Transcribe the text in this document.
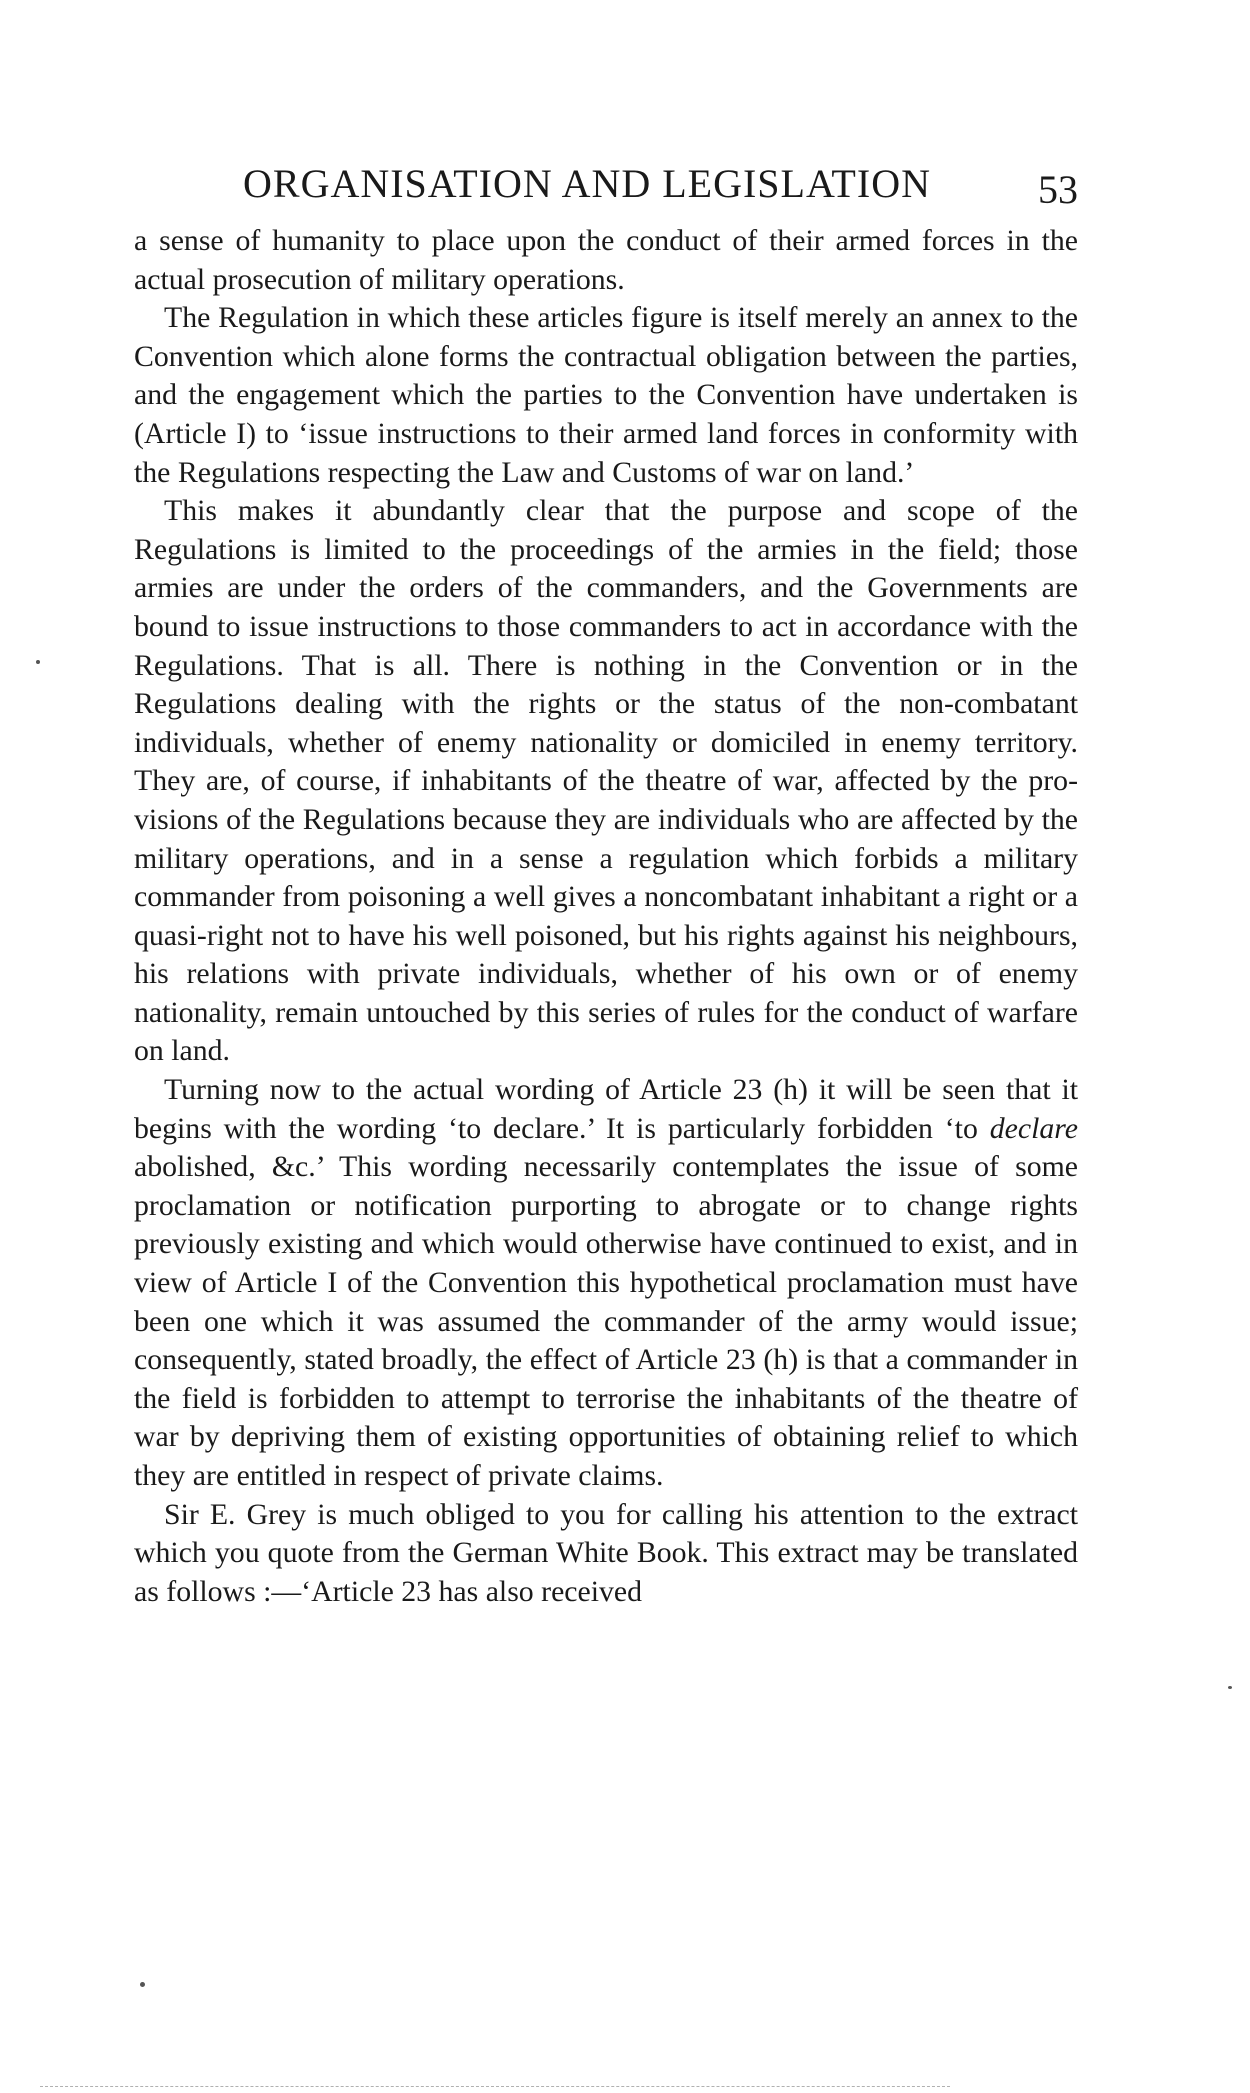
ORGANISATION AND LEGISLATION	53

a sense of humanity to place upon the conduct of their armed forces in the actual prosecution of military operations.

The Regulation in which these articles figure is itself merely an annex to the Convention which alone forms the contractual obligation between the parties, and the engagement which the parties to the Convention have undertaken is (Article I) to ‘issue instructions to their armed land forces in conformity with the Regulations respecting the Law and Customs of war on land.’

This makes it abundantly clear that the purpose and scope of the Regulations is limited to the proceedings of the armies in the field; those armies are under the orders of the commanders, and the Governments are bound to issue instructions to those commanders to act in accordance with the Regulations. That is all. There is nothing in the Convention or in the Regulations dealing with the rights or the status of the non-combatant individuals, whether of enemy nationality or domiciled in enemy territory. They are, of course, if inhabitants of the theatre of war, affected by the provisions of the Regulations because they are individuals who are affected by the military operations, and in a sense a regulation which forbids a military commander from poisoning a well gives a noncombatant inhabitant a right or a quasi-right not to have his well poisoned, but his rights against his neighbours, his relations with private individuals, whether of his own or of enemy nationality, remain untouched by this series of rules for the conduct of warfare on land.

Turning now to the actual wording of Article 23 (h) it will be seen that it begins with the wording ‘to declare.’ It is particularly forbidden ‘to declare abolished, &c.’ This wording necessarily contemplates the issue of some proclamation or notification purporting to abrogate or to change rights previously existing and which would otherwise have continued to exist, and in view of Article I of the Convention this hypothetical proclamation must have been one which it was assumed the commander of the army would issue; consequently, stated broadly, the effect of Article 23 (h) is that a commander in the field is forbidden to attempt to terrorise the inhabitants of the theatre of war by depriving them of existing opportunities of obtaining relief to which they are entitled in respect of private claims.

Sir E. Grey is much obliged to you for calling his attention to the extract which you quote from the German White Book. This extract may be translated as follows :—‘Article 23 has also received
